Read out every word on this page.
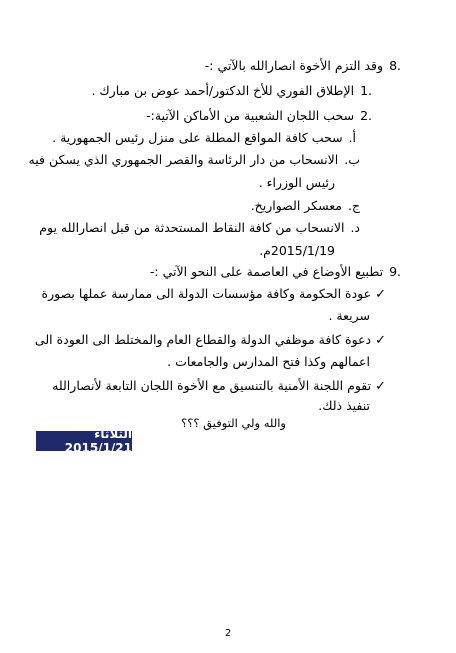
.8وقد التزم الأخوة انصارالله بالآتي :-
.1الإطلاق الفوري للأخ الدكتور/أحمد عوض بن مبارك .
.2سحب اللجان الشعبية من الأماكن الآتية:-
أ.سحب كافة المواقع المطلة على منزل رئيس الجمهورية .
ب.الانسحاب من دار الرئاسة والقصر الجمهوري الذي يسكن فيه
رئيس الوزراء .
ج.معسكر الصواريخ.
د.الانسحاب من كافة النقاط المستحدثة من قبل انصارالله يوم
2015/1/19م.
.9تطبيع الأوضاع في العاصمة على النحو الآتي :-
✓عودة الحكومة وكافة مؤسسات الدولة الى ممارسة عملها بصورة
سريعة .
✓دعوة كافة موظفي الدولة والقطاع العام والمختلط الى العودة الى
اعمالهم وكذا فتح المدارس والجامعات .
✓تقوم اللجنة الأمنية بالتنسيق مع الأخوة اللجان التابعة لأنصارالله
تنفيذ ذلك.
والله ولي التوفيق ؟؟؟
الثلاثاء 2015/1/21
2
